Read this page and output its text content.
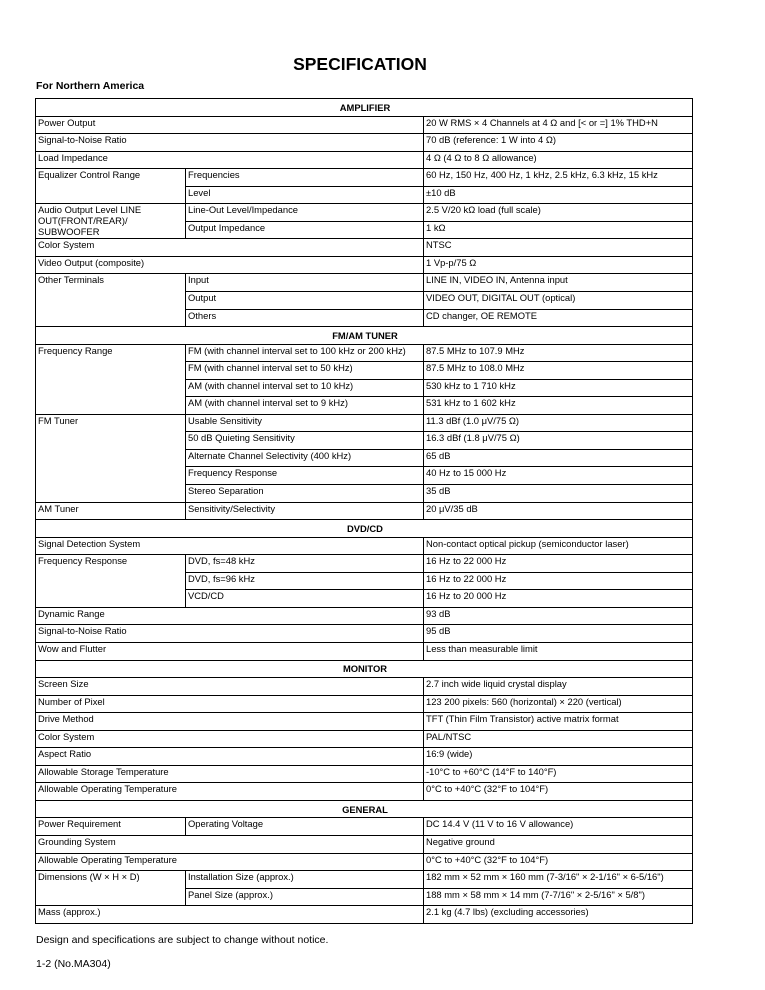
SPECIFICATION
For Northern America
AMPLIFIER		
Power Output		20 W RMS × 4 Channels at 4 Ω and [< or =] 1% THD+N
Signal-to-Noise Ratio		70 dB (reference: 1 W into 4 Ω)
Load Impedance		4 Ω (4 Ω to 8 Ω allowance)
Equalizer Control Range	Frequencies	60 Hz, 150 Hz, 400 Hz, 1 kHz, 2.5 kHz, 6.3 kHz, 15 kHz
	Level	±10 dB
Audio Output Level LINE OUT(FRONT/REAR)/ SUBWOOFER	Line-Out Level/Impedance	2.5 V/20 kΩ load (full scale)
	Output Impedance	1 kΩ
Color System		NTSC
Video Output (composite)		1 Vp-p/75 Ω
Other Terminals	Input	LINE IN, VIDEO IN, Antenna input
	Output	VIDEO OUT, DIGITAL OUT (optical)
	Others	CD changer, OE REMOTE
FM/AM TUNER		
Frequency Range	FM (with channel interval set to 100 kHz or 200 kHz)	87.5 MHz to 107.9 MHz
	FM (with channel interval set to 50 kHz)	87.5 MHz to 108.0 MHz
	AM (with channel interval set to 10 kHz)	530 kHz to 1 710 kHz
	AM (with channel interval set to 9 kHz)	531 kHz to 1 602 kHz
FM Tuner	Usable Sensitivity	11.3 dBf (1.0 μV/75 Ω)
	50 dB Quieting Sensitivity	16.3 dBf (1.8 μV/75 Ω)
	Alternate Channel Selectivity (400 kHz)	65 dB
	Frequency Response	40 Hz to 15 000 Hz
	Stereo Separation	35 dB
AM Tuner	Sensitivity/Selectivity	20 μV/35 dB
DVD/CD		
Signal Detection System		Non-contact optical pickup (semiconductor laser)
Frequency Response	DVD, fs=48 kHz	16 Hz to 22 000 Hz
	DVD, fs=96 kHz	16 Hz to 22 000 Hz
	VCD/CD	16 Hz to 20 000 Hz
Dynamic Range		93 dB
Signal-to-Noise Ratio		95 dB
Wow and Flutter		Less than measurable limit
MONITOR		
Screen Size		2.7 inch wide liquid crystal display
Number of Pixel		123 200 pixels: 560 (horizontal) × 220 (vertical)
Drive Method		TFT (Thin Film Transistor) active matrix format
Color System		PAL/NTSC
Aspect Ratio		16:9 (wide)
Allowable Storage Temperature		-10°C to +60°C (14°F to 140°F)
Allowable Operating Temperature		0°C to +40°C (32°F to 104°F)
GENERAL		
Power Requirement	Operating Voltage	DC 14.4 V (11 V to 16 V allowance)
Grounding System		Negative ground
Allowable Operating Temperature		0°C to +40°C (32°F to 104°F)
Dimensions (W × H × D)	Installation Size (approx.)	182 mm × 52 mm × 160 mm (7-3/16" × 2-1/16" × 6-5/16")
	Panel Size (approx.)	188 mm × 58 mm × 14 mm (7-7/16" × 2-5/16" × 5/8")
Mass (approx.)		2.1 kg (4.7 lbs) (excluding accessories)
Design and specifications are subject to change without notice.
1-2 (No.MA304)
